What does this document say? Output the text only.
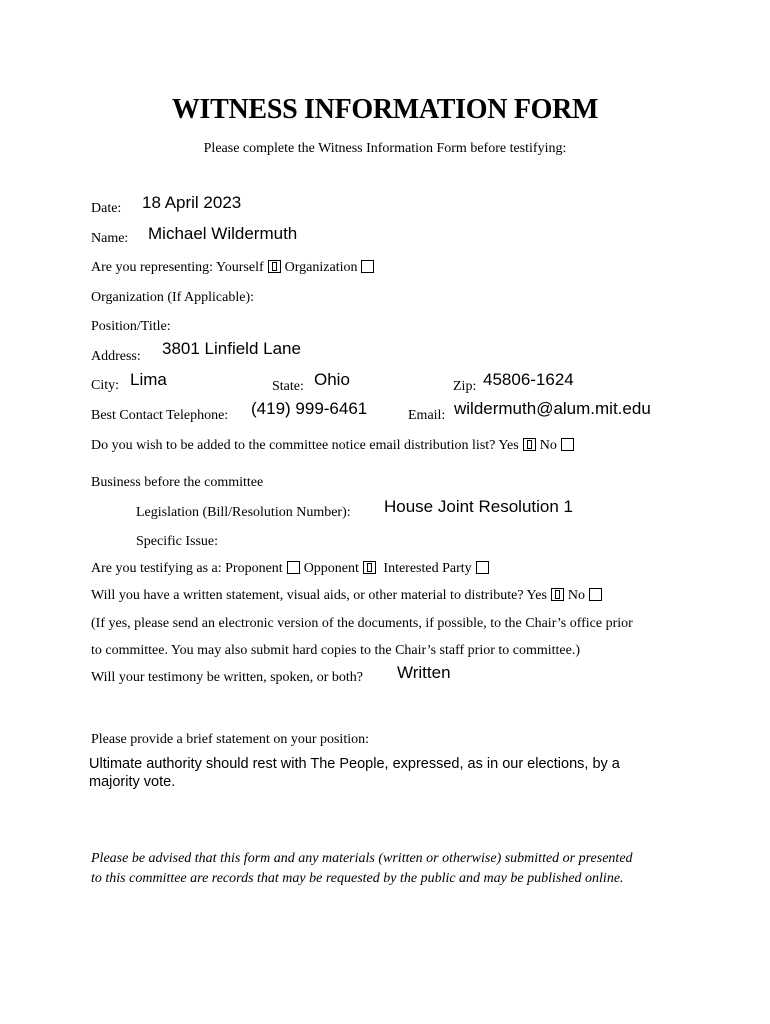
WITNESS INFORMATION FORM
Please complete the Witness Information Form before testifying:
Date: 18 April 2023
Name: Michael Wildermuth
Are you representing: Yourself Organization
Organization (If Applicable):
Position/Title:
Address: 3801 Linfield Lane
City: Lima	State: Ohio	Zip: 45806-1624
Best Contact Telephone: (419) 999-6461	Email: wildermuth@alum.mit.edu
Do you wish to be added to the committee notice email distribution list? Yes No
Business before the committee
Legislation (Bill/Resolution Number): House Joint Resolution 1
Specific Issue:
Are you testifying as a: Proponent Opponent Interested Party
Will you have a written statement, visual aids, or other material to distribute? Yes No
(If yes, please send an electronic version of the documents, if possible, to the Chair’s office prior
to committee. You may also submit hard copies to the Chair’s staff prior to committee.)
Will your testimony be written, spoken, or both? Written
Please provide a brief statement on your position:
Ultimate authority should rest with The People, expressed, as in our elections, by a
majority vote.
Please be advised that this form and any materials (written or otherwise) submitted or presented
to this committee are records that may be requested by the public and may be published online.
